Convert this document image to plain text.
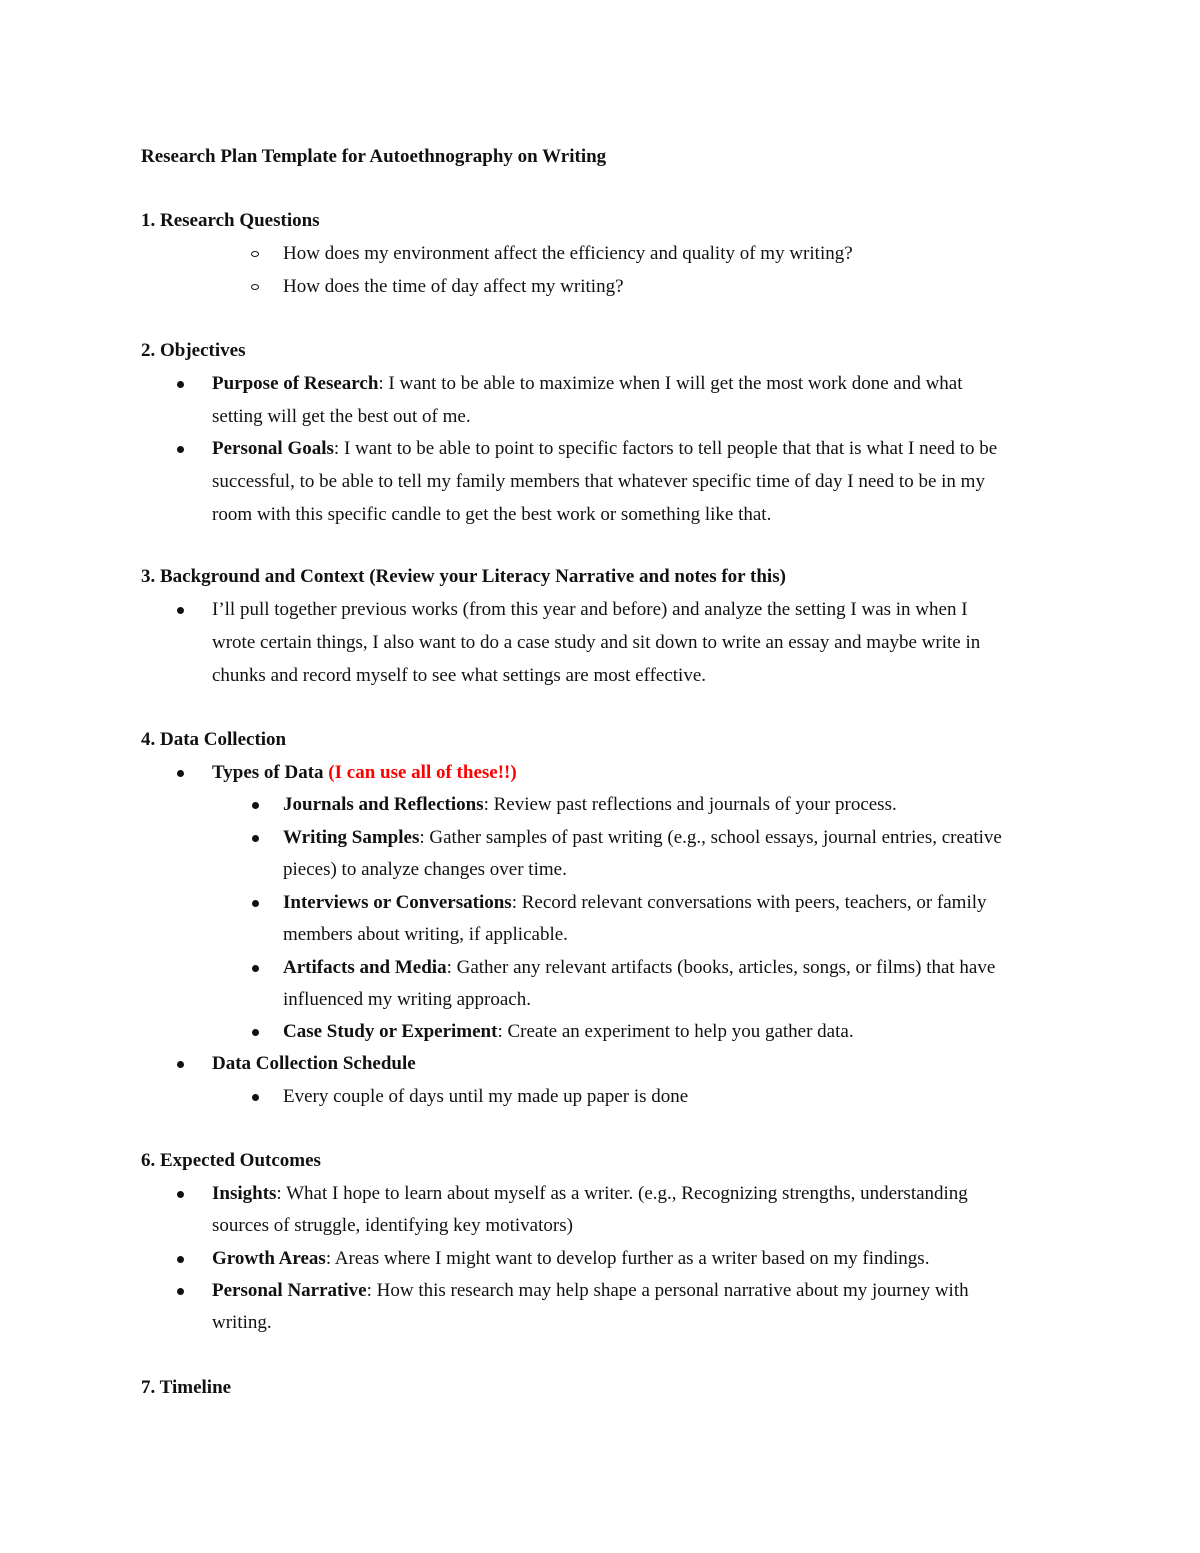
Research Plan Template for Autoethnography on Writing
1. Research Questions
How does my environment affect the efficiency and quality of my writing?
How does the time of day affect my writing?
2. Objectives
Purpose of Research: I want to be able to maximize when I will get the most work done and what
setting will get the best out of me.
Personal Goals: I want to be able to point to specific factors to tell people that that is what I need to be
successful, to be able to tell my family members that whatever specific time of day I need to be in my
room with this specific candle to get the best work or something like that.
3. Background and Context (Review your Literacy Narrative and notes for this)
I’ll pull together previous works (from this year and before) and analyze the setting I was in when I
wrote certain things, I also want to do a case study and sit down to write an essay and maybe write in
chunks and record myself to see what settings are most effective.
4. Data Collection
Types of Data (I can use all of these!!)
Journals and Reflections: Review past reflections and journals of your process.
Writing Samples: Gather samples of past writing (e.g., school essays, journal entries, creative
pieces) to analyze changes over time.
Interviews or Conversations: Record relevant conversations with peers, teachers, or family
members about writing, if applicable.
Artifacts and Media: Gather any relevant artifacts (books, articles, songs, or films) that have
influenced my writing approach.
Case Study or Experiment: Create an experiment to help you gather data.
Data Collection Schedule
Every couple of days until my made up paper is done
6. Expected Outcomes
Insights: What I hope to learn about myself as a writer. (e.g., Recognizing strengths, understanding
sources of struggle, identifying key motivators)
Growth Areas: Areas where I might want to develop further as a writer based on my findings.
Personal Narrative: How this research may help shape a personal narrative about my journey with
writing.
7. Timeline
